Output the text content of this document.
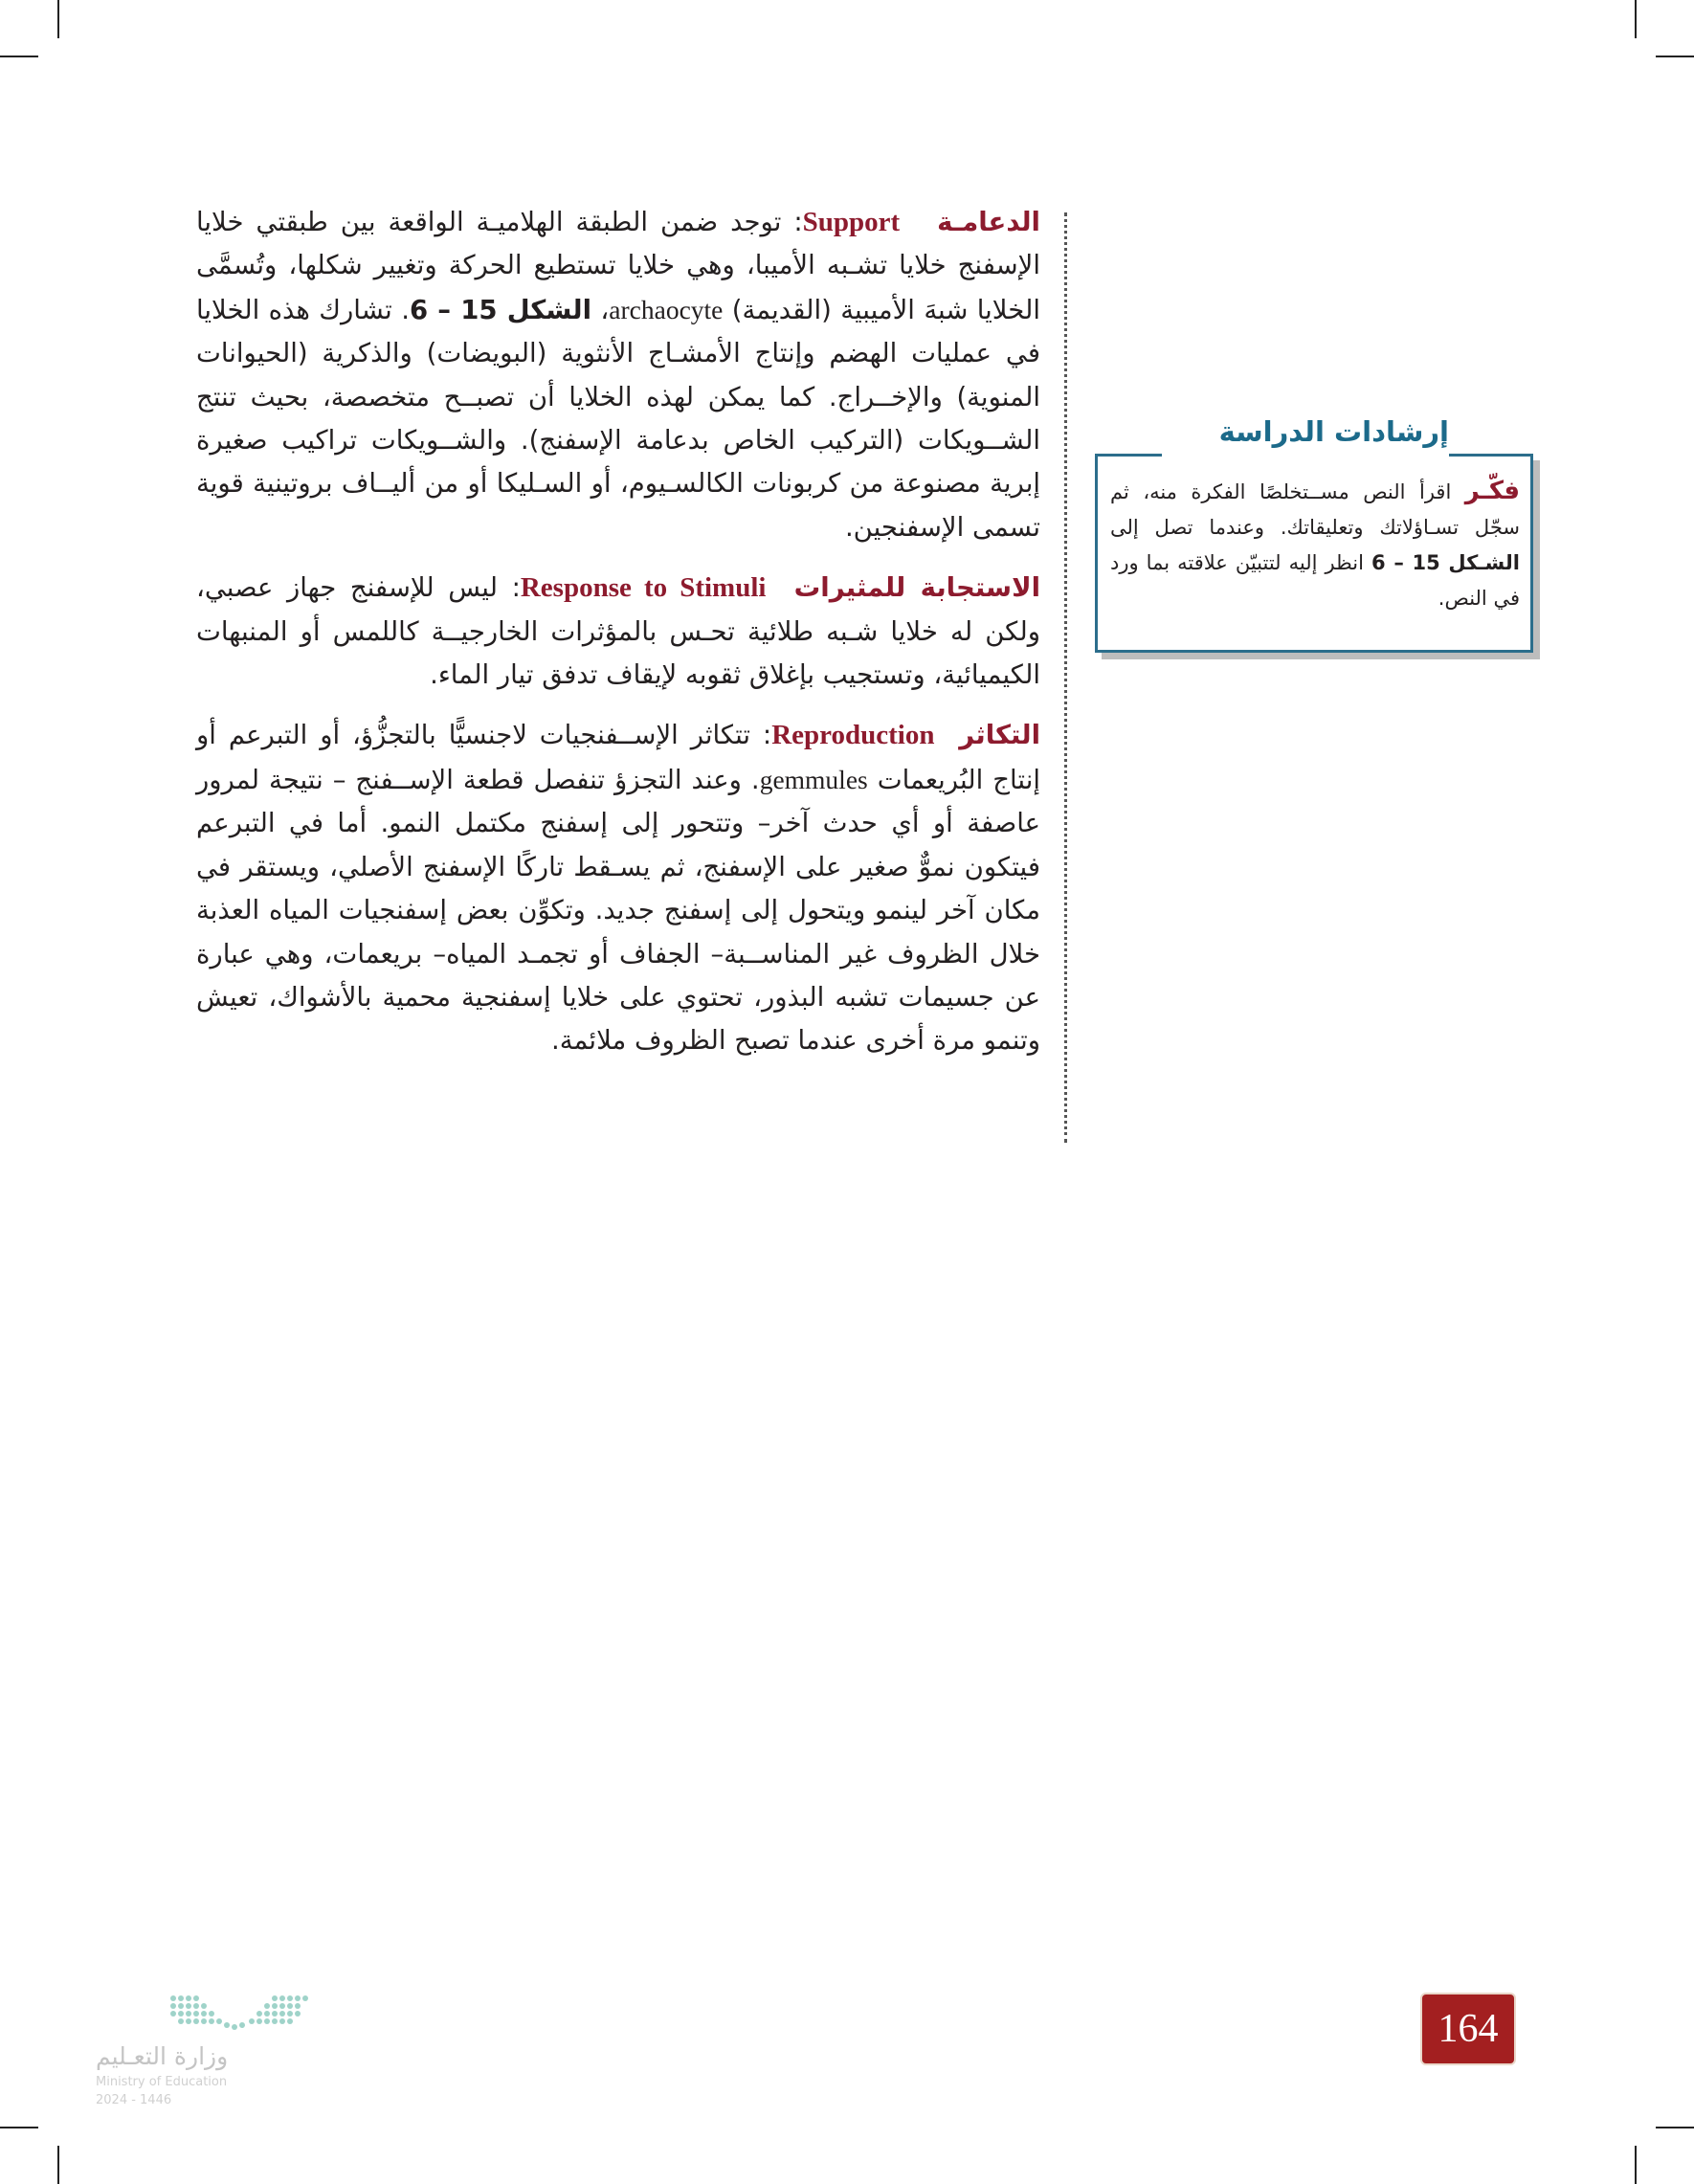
الدعامـة   Support: توجد ضمن الطبقة الهلاميـة الواقعة بين طبقتي خلايا الإسفنج خلايا تشـبه الأميبا، وهي خلايا تستطيع الحركة وتغيير شكلها، وتُسمَّى الخلايا شبهَ الأميبية (القديمة) archaocyte، الشكل 15 – 6. تشارك هذه الخلايا في عمليات الهضم وإنتاج الأمشـاج الأنثوية (البويضات) والذكرية (الحيوانات المنوية) والإخــراج. كما يمكن لهذه الخلايا أن تصبــح متخصصة، بحيث تنتج الشــويكات (التركيب الخاص بدعامة الإسفنج). والشــويكات تراكيب صغيرة إبرية مصنوعة من كربونات الكالسـيوم، أو السـليكا أو من أليــاف بروتينية قوية تسمى الإسفنجين.

الاستجابة للمثيرات  Response to Stimuli: ليس للإسفنج جهاز عصبي، ولكن له خلايا شـبه طلائية تحـس بالمؤثرات الخارجيــة كاللمس أو المنبهات الكيميائية، وتستجيب بإغلاق ثقوبه لإيقاف تدفق تيار الماء.

التكاثر  Reproduction: تتكاثر الإســفنجيات لاجنسيًّا بالتجزُّؤ، أو التبرعم أو إنتاج البُريعمات gemmules. وعند التجزؤ تنفصل قطعة الإســفنج – نتيجة لمرور عاصفة أو أي حدث آخر– وتتحور إلى إسفنج مكتمل النمو. أما في التبرعم فيتكون نموٌّ صغير على الإسفنج، ثم يسـقط تاركًا الإسفنج الأصلي، ويستقر في مكان آخر لينمو ويتحول إلى إسفنج جديد. وتكوِّن بعض إسفنجيات المياه العذبة خلال الظروف غير المناســبة– الجفاف أو تجمـد المياه– بريعمات، وهي عبارة عن جسيمات تشبه البذور، تحتوي على خلايا إسفنجية محمية بالأشواك، تعيش وتنمو مرة أخرى عندما تصبح الظروف ملائمة.

إرشادات الدراسة
فكّـر اقرأ النص مســتخلصًا الفكرة منه، ثم سجّل تسـاؤلاتك وتعليقاتك. وعندما تصل إلى الشـكل 15 – 6 انظر إليه لتتبيّن علاقته بما ورد في النص.
164
وزارة التعـليم
Ministry of Education
2024 - 1446
